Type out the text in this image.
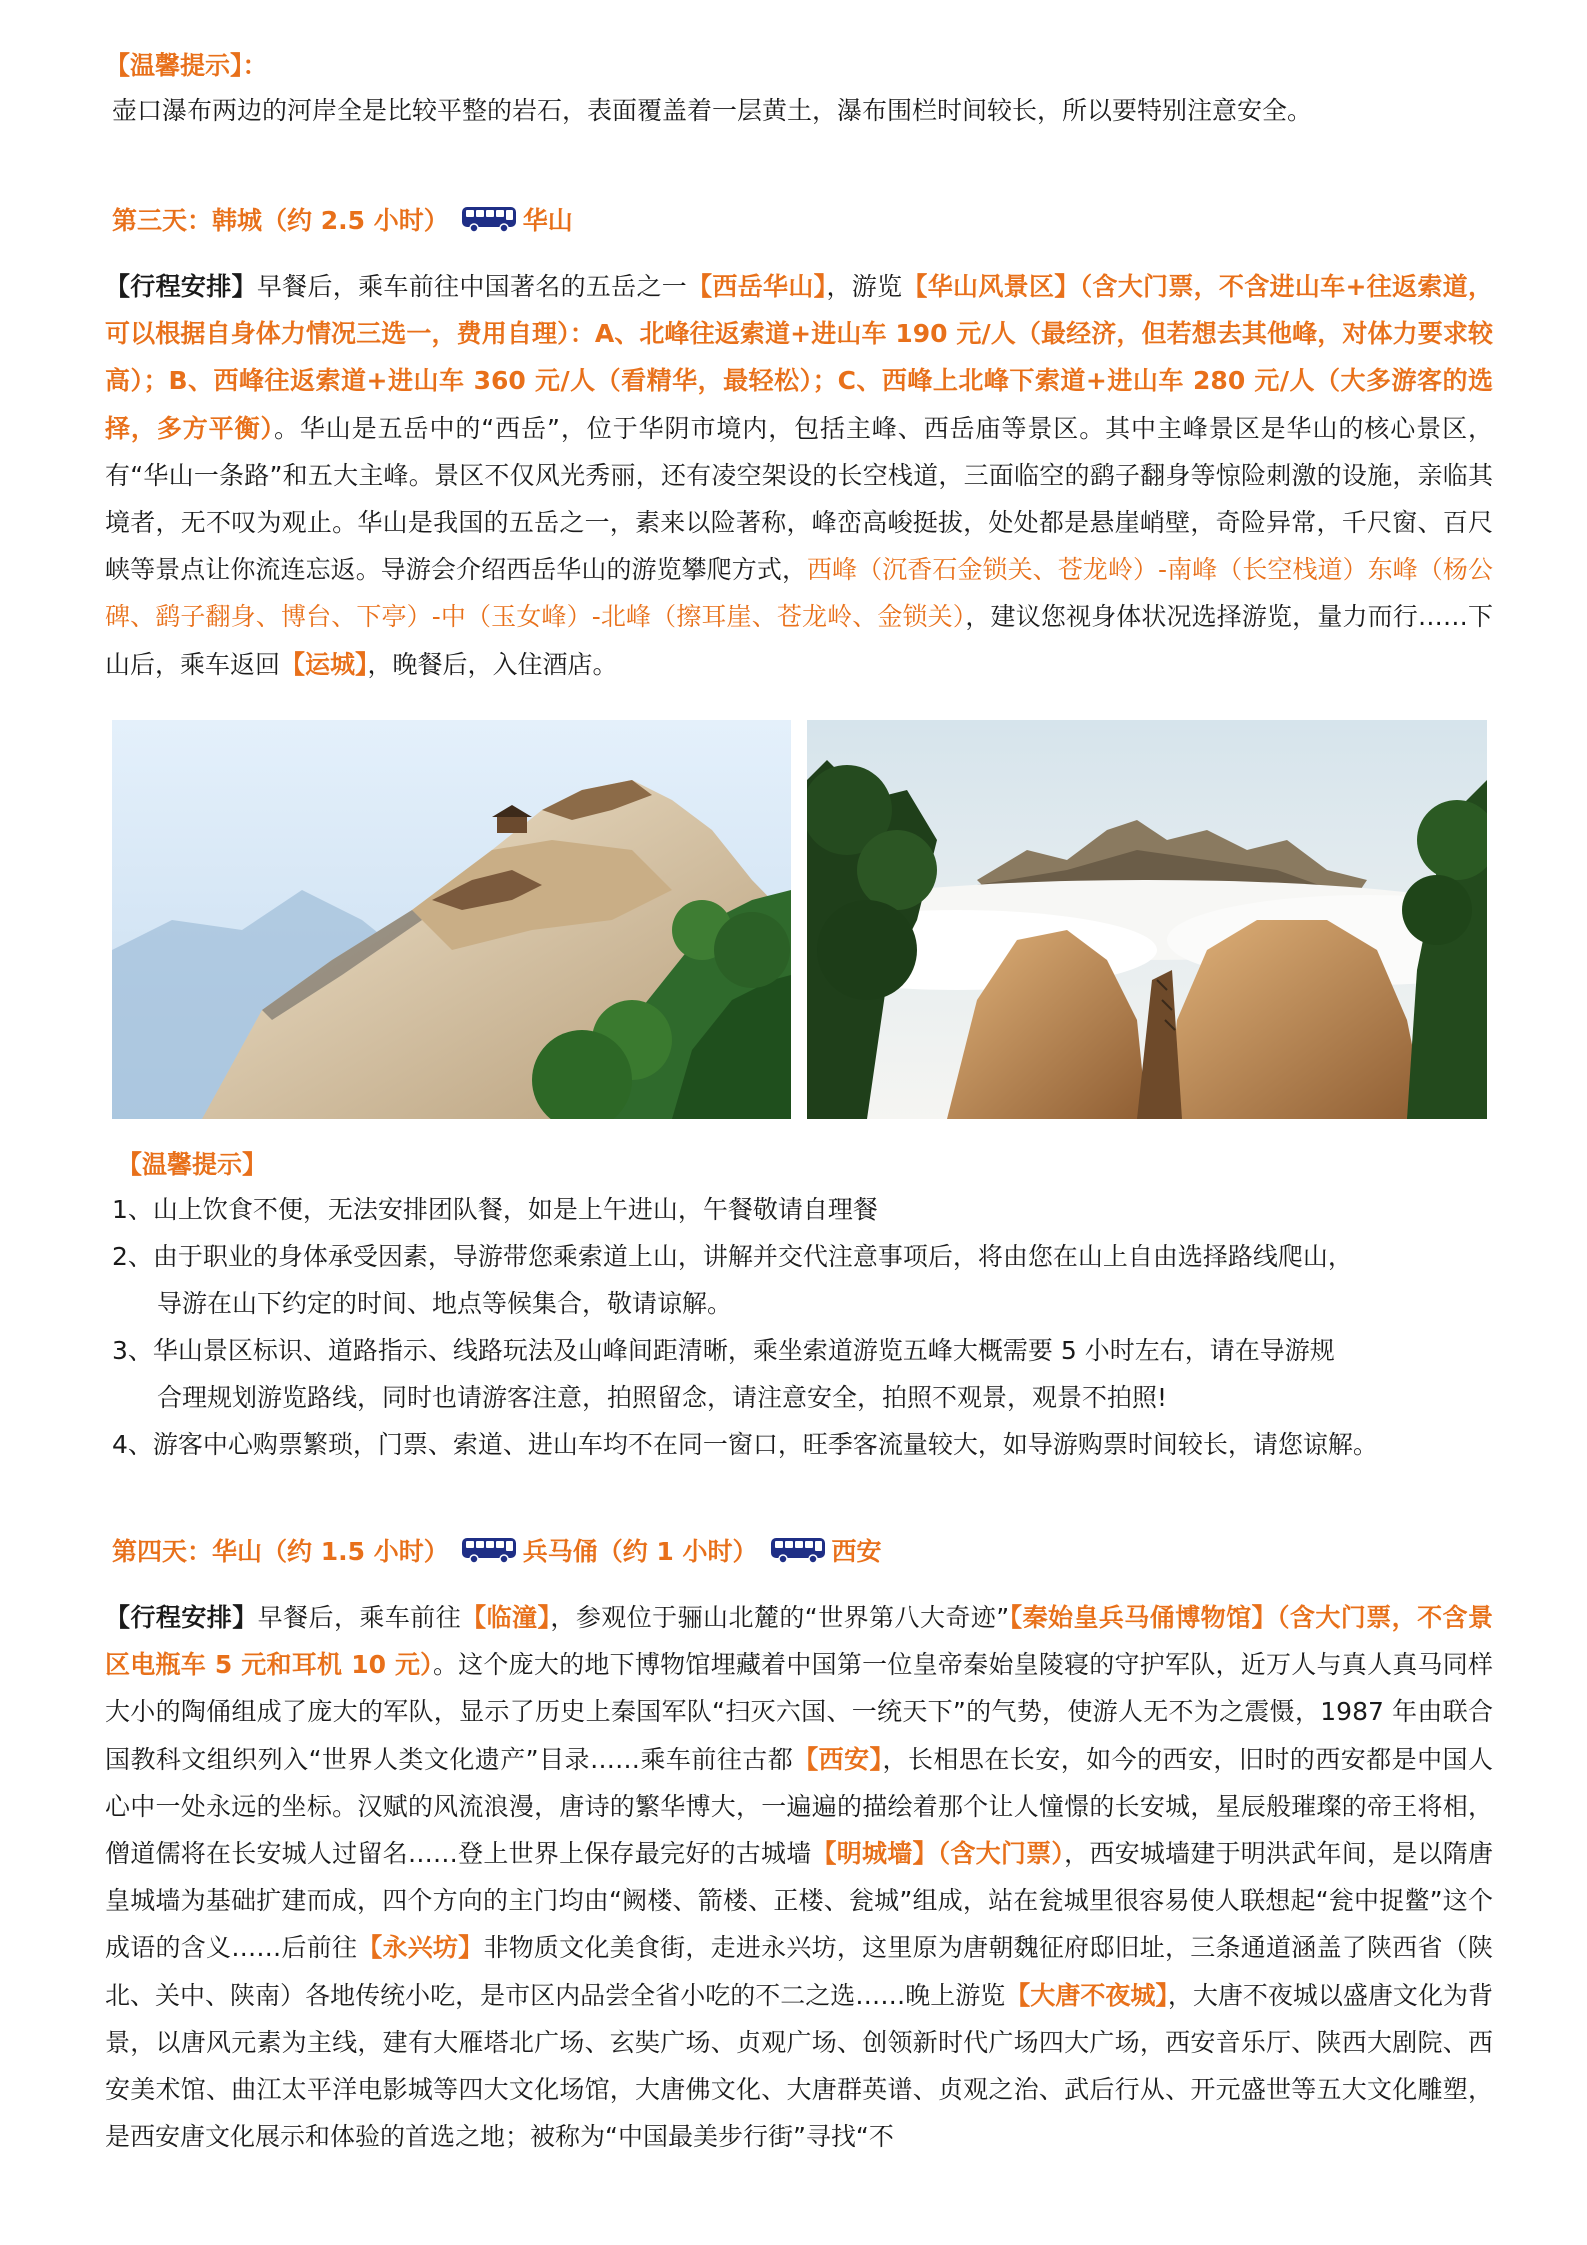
【温馨提示】：
壶口瀑布两边的河岸全是比较平整的岩石，表面覆盖着一层黄土，瀑布围栏时间较长，所以要特别注意安全。
第三天：韩城（约 2.5 小时）	华山
【行程安排】早餐后，乘车前往中国著名的五岳之一【西岳华山】，游览【华山风景区】（含大门票，不含进山车+往返索道，可以根据自身体力情况三选一，费用自理）：A、北峰往返索道+进山车 190 元/人（最经济，但若想去其他峰，对体力要求较高）；B、西峰往返索道+进山车 360 元/人（看精华，最轻松）；C、西峰上北峰下索道+进山车 280 元/人（大多游客的选择，多方平衡）。华山是五岳中的“西岳”，位于华阴市境内，包括主峰、西岳庙等景区。其中主峰景区是华山的核心景区，有“华山一条路”和五大主峰。景区不仅风光秀丽，还有凌空架设的长空栈道，三面临空的鹞子翻身等惊险刺激的设施，亲临其境者，无不叹为观止。华山是我国的五岳之一，素来以险著称，峰峦高峻挺拔，处处都是悬崖峭壁，奇险异常，千尺窗、百尺峡等景点让你流连忘返。导游会介绍西岳华山的游览攀爬方式，西峰（沉香石金锁关、苍龙岭）-南峰（长空栈道）东峰（杨公碑、鹞子翻身、博台、下亭）-中（玉女峰）-北峰（擦耳崖、苍龙岭、金锁关），建议您视身体状况选择游览，量力而行……下山后，乘车返回【运城】，晚餐后，入住酒店。
【温馨提示】
1、山上饮食不便，无法安排团队餐，如是上午进山，午餐敬请自理餐
2、由于职业的身体承受因素，导游带您乘索道上山，讲解并交代注意事项后，将由您在山上自由选择路线爬山，
导游在山下约定的时间、地点等候集合，敬请谅解。
3、华山景区标识、道路指示、线路玩法及山峰间距清晰，乘坐索道游览五峰大概需要 5 小时左右，请在导游规
合理规划游览路线，同时也请游客注意，拍照留念，请注意安全，拍照不观景，观景不拍照!
4、游客中心购票繁琐，门票、索道、进山车均不在同一窗口，旺季客流量较大，如导游购票时间较长，请您谅解。
第四天：华山（约 1.5 小时）	兵马俑（约 1 小时）	西安
【行程安排】早餐后，乘车前往【临潼】，参观位于骊山北麓的“世界第八大奇迹”【秦始皇兵马俑博物馆】（含大门票，不含景区电瓶车 5 元和耳机 10 元）。这个庞大的地下博物馆埋藏着中国第一位皇帝秦始皇陵寝的守护军队，近万人与真人真马同样大小的陶俑组成了庞大的军队，显示了历史上秦国军队“扫灭六国、一统天下”的气势，使游人无不为之震慑，1987 年由联合国教科文组织列入“世界人类文化遗产”目录……乘车前往古都【西安】，长相思在长安，如今的西安，旧时的西安都是中国人心中一处永远的坐标。汉赋的风流浪漫，唐诗的繁华博大，一遍遍的描绘着那个让人憧憬的长安城，星辰般璀璨的帝王将相，僧道儒将在长安城人过留名……登上世界上保存最完好的古城墙【明城墙】（含大门票），西安城墙建于明洪武年间，是以隋唐皇城墙为基础扩建而成，四个方向的主门均由“阙楼、箭楼、正楼、瓮城”组成，站在瓮城里很容易使人联想起“瓮中捉鳖”这个成语的含义……后前往【永兴坊】非物质文化美食街，走进永兴坊，这里原为唐朝魏征府邸旧址，三条通道涵盖了陕西省（陕北、关中、陕南）各地传统小吃，是市区内品尝全省小吃的不二之选……晚上游览【大唐不夜城】，大唐不夜城以盛唐文化为背景，以唐风元素为主线，建有大雁塔北广场、玄奘广场、贞观广场、创领新时代广场四大广场，西安音乐厅、陕西大剧院、西安美术馆、曲江太平洋电影城等四大文化场馆，大唐佛文化、大唐群英谱、贞观之治、武后行从、开元盛世等五大文化雕塑，是西安唐文化展示和体验的首选之地；被称为“中国最美步行街”寻找“不
